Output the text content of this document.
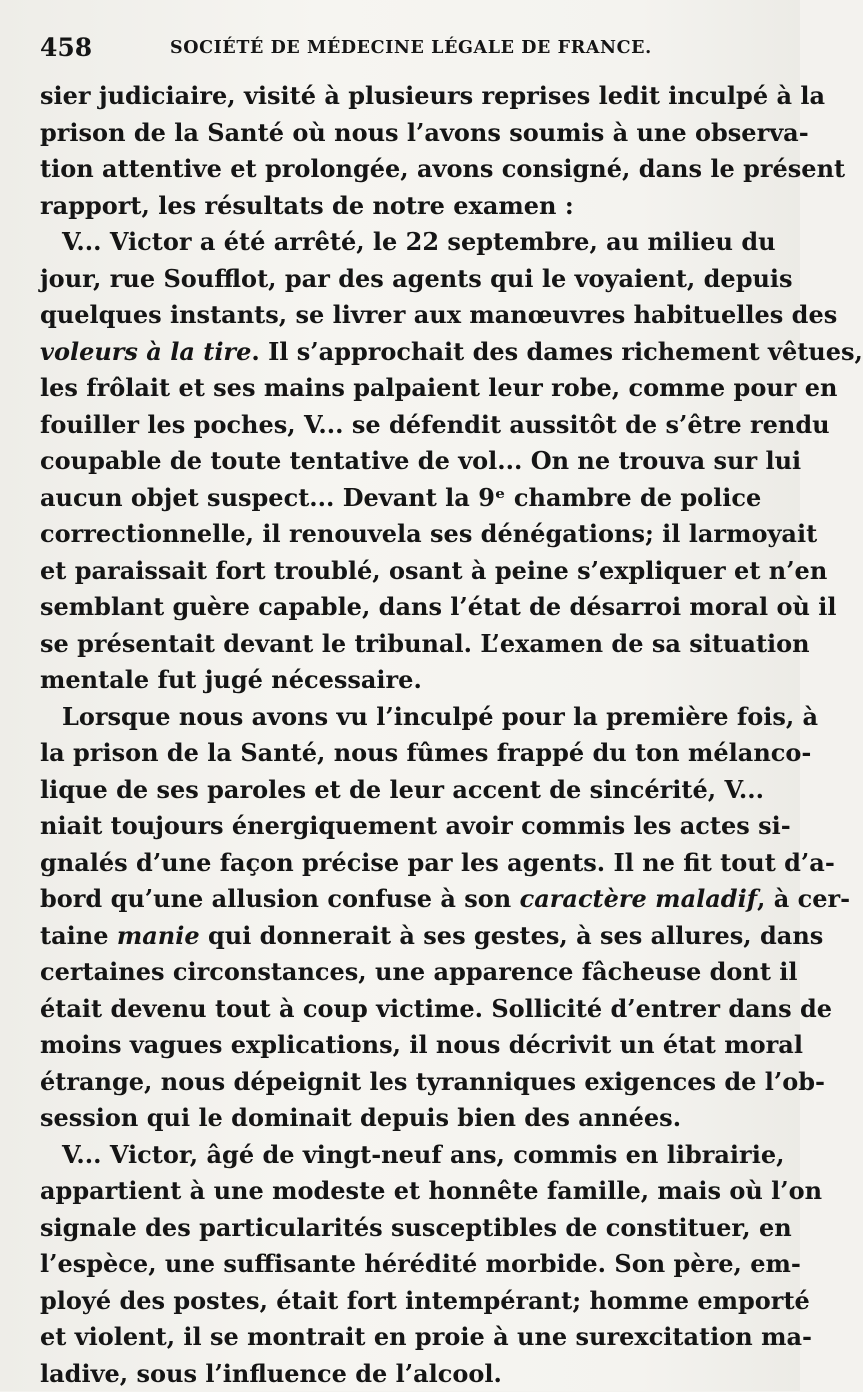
458	SOCIÉTÉ DE MÉDECINE LÉGALE DE FRANCE.
sier judiciaire, visité à plusieurs reprises ledit inculpé à la
prison de la Santé où nous l’avons soumis à une observa-
tion attentive et prolongée, avons consigné, dans le présent
rapport, les résultats de notre examen :
V... Victor a été arrêté, le 22 septembre, au milieu du
jour, rue Soufflot, par des agents qui le voyaient, depuis
quelques instants, se livrer aux manœuvres habituelles des
voleurs à la tire. Il s’approchait des dames richement vêtues,
les frôlait et ses mains palpaient leur robe, comme pour en
fouiller les poches, V... se défendit aussitôt de s’être rendu
coupable de toute tentative de vol... On ne trouva sur lui
aucun objet suspect... Devant la 9ᵉ chambre de police
correctionnelle, il renouvela ses dénégations; il larmoyait
et paraissait fort troublé, osant à peine s’expliquer et n’en
semblant guère capable, dans l’état de désarroi moral où il
se présentait devant le tribunal. L’examen de sa situation
mentale fut jugé nécessaire.
Lorsque nous avons vu l’inculpé pour la première fois, à
la prison de la Santé, nous fûmes frappé du ton mélanco-
lique de ses paroles et de leur accent de sincérité, V...
niait toujours énergiquement avoir commis les actes si-
gnalés d’une façon précise par les agents. Il ne fit tout d’a-
bord qu’une allusion confuse à son caractère maladif, à cer-
taine manie qui donnerait à ses gestes, à ses allures, dans
certaines circonstances, une apparence fâcheuse dont il
était devenu tout à coup victime. Sollicité d’entrer dans de
moins vagues explications, il nous décrivit un état moral
étrange, nous dépeignit les tyranniques exigences de l’ob-
session qui le dominait depuis bien des années.
V... Victor, âgé de vingt-neuf ans, commis en librairie,
appartient à une modeste et honnête famille, mais où l’on
signale des particularités susceptibles de constituer, en
l’espèce, une suffisante hérédité morbide. Son père, em-
ployé des postes, était fort intempérant; homme emporté
et violent, il se montrait en proie à une surexcitation ma-
ladive, sous l’influence de l’alcool.
